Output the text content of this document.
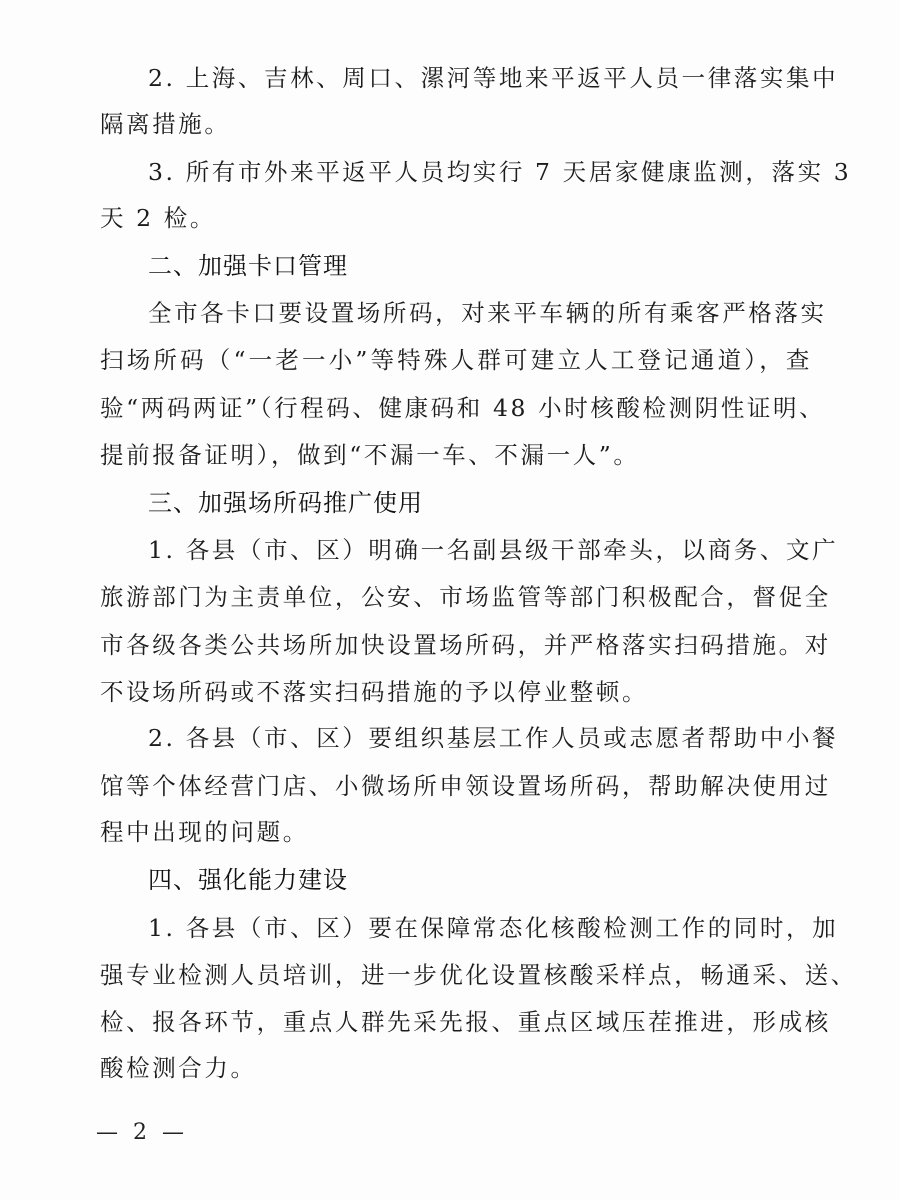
2. 上海、吉林、周口、漯河等地来平返平人员一律落实集中
隔离措施。
3. 所有市外来平返平人员均实行 7 天居家健康监测，落实 3
天 2 检。
二、加强卡口管理
全市各卡口要设置场所码，对来平车辆的所有乘客严格落实
扫场所码（“一老一小”等特殊人群可建立人工登记通道），查
验“两码两证”（行程码、健康码和 48 小时核酸检测阴性证明、
提前报备证明），做到“不漏一车、不漏一人”。
三、加强场所码推广使用
1. 各县（市、区）明确一名副县级干部牵头，以商务、文广
旅游部门为主责单位，公安、市场监管等部门积极配合，督促全
市各级各类公共场所加快设置场所码，并严格落实扫码措施。对
不设场所码或不落实扫码措施的予以停业整顿。
2. 各县（市、区）要组织基层工作人员或志愿者帮助中小餐
馆等个体经营门店、小微场所申领设置场所码，帮助解决使用过
程中出现的问题。
四、强化能力建设
1. 各县（市、区）要在保障常态化核酸检测工作的同时，加
强专业检测人员培训，进一步优化设置核酸采样点，畅通采、送、
检、报各环节，重点人群先采先报、重点区域压茬推进，形成核
酸检测合力。
— 2 —
